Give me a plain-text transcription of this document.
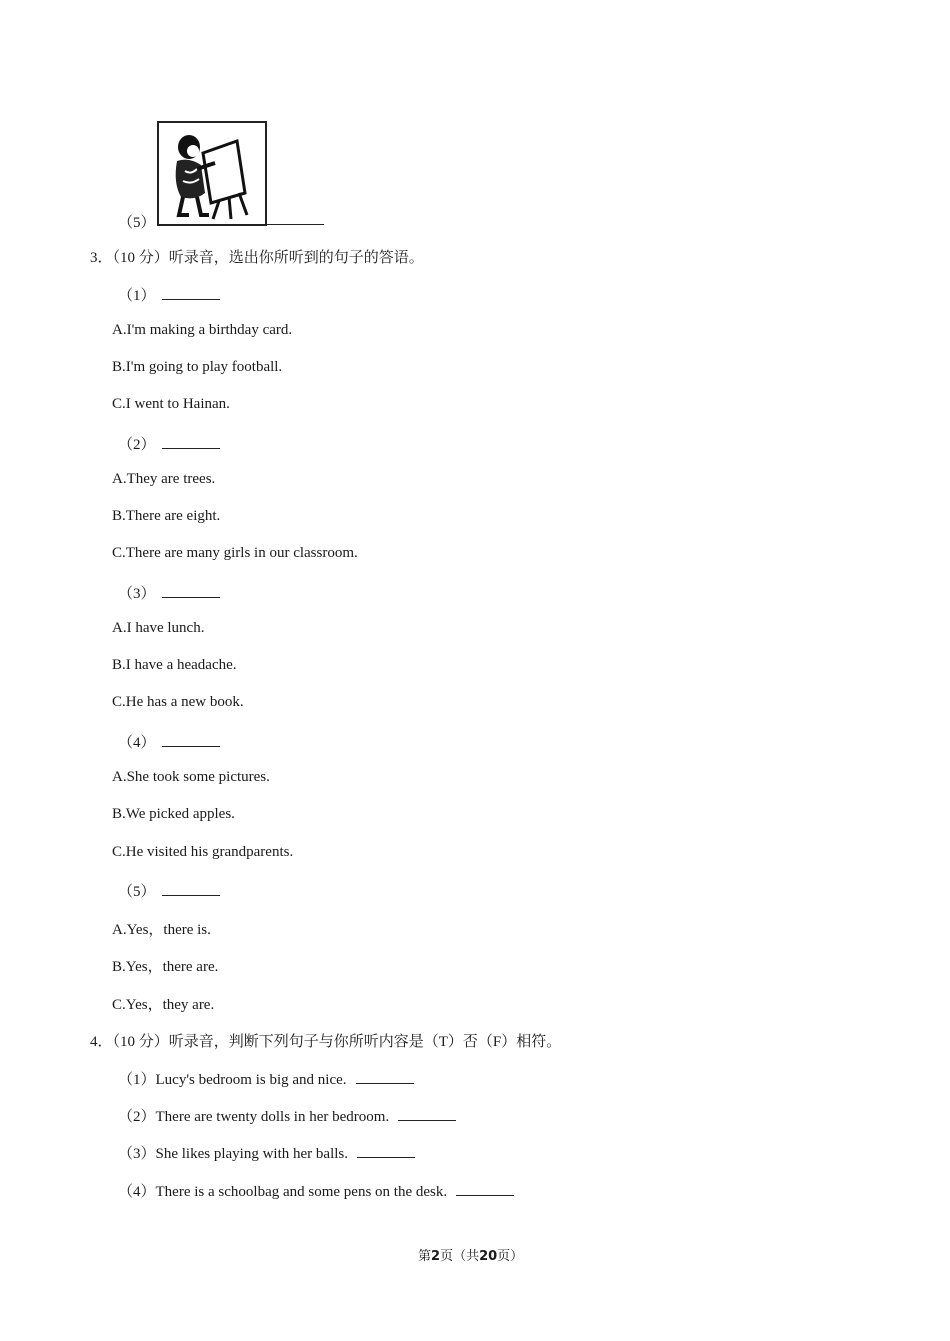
（5）
3．（10 分）听录音，选出你所听到的句子的答语。
（1）
A.I'm making a birthday card.
B.I'm going to play football.
C.I went to Hainan.
（2）
A.They are trees.
B.There are eight.
C.There are many girls in our classroom.
（3）
A.I have lunch.
B.I have a headache.
C.He has a new book.
（4）
A.She took some pictures.
B.We picked apples.
C.He visited his grandparents.
（5）
A.Yes，there is.
B.Yes，there are.
C.Yes，they are.
4．（10 分）听录音，判断下列句子与你所听内容是（T）否（F）相符。
（1）Lucy's bedroom is big and nice.
（2）There are twenty dolls in her bedroom.
（3）She likes playing with her balls.
（4）There is a schoolbag and some pens on the desk.
第2页（共20页）
